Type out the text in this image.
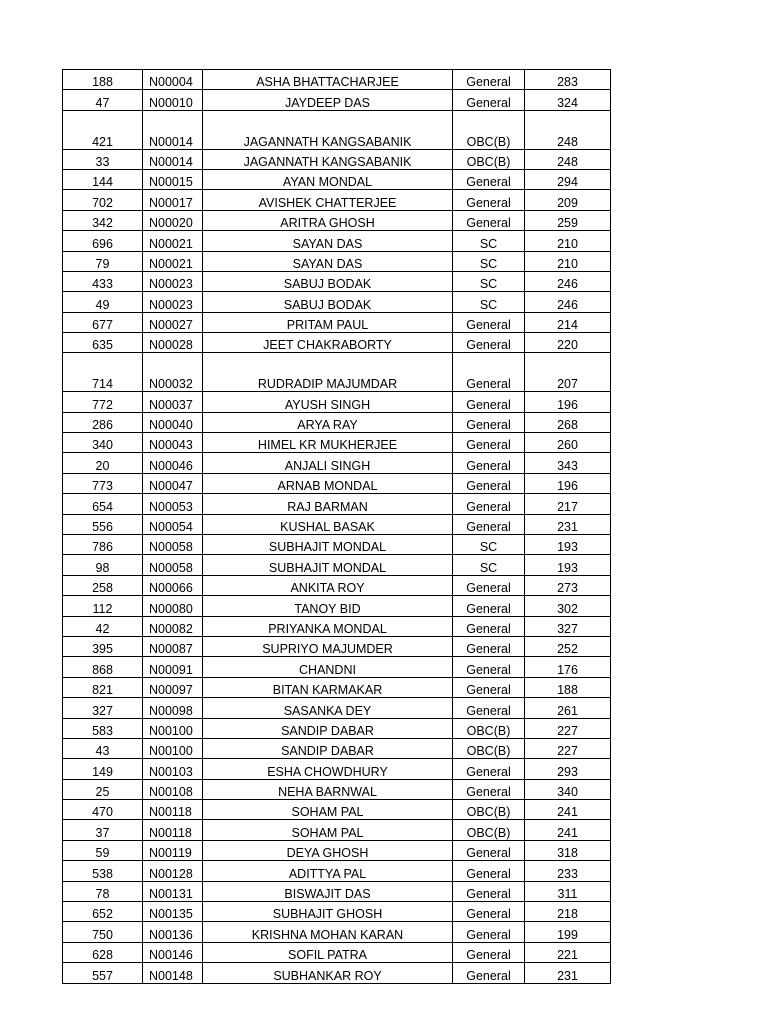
188	N00004	ASHA BHATTACHARJEE	General	283
47	N00010	JAYDEEP DAS	General	324
421	N00014	JAGANNATH KANGSABANIK	OBC(B)	248
33	N00014	JAGANNATH KANGSABANIK	OBC(B)	248
144	N00015	AYAN MONDAL	General	294
702	N00017	AVISHEK CHATTERJEE	General	209
342	N00020	ARITRA GHOSH	General	259
696	N00021	SAYAN DAS	SC	210
79	N00021	SAYAN DAS	SC	210
433	N00023	SABUJ BODAK	SC	246
49	N00023	SABUJ BODAK	SC	246
677	N00027	PRITAM PAUL	General	214
635	N00028	JEET CHAKRABORTY	General	220
714	N00032	RUDRADIP MAJUMDAR	General	207
772	N00037	AYUSH SINGH	General	196
286	N00040	ARYA RAY	General	268
340	N00043	HIMEL KR MUKHERJEE	General	260
20	N00046	ANJALI SINGH	General	343
773	N00047	ARNAB MONDAL	General	196
654	N00053	RAJ BARMAN	General	217
556	N00054	KUSHAL BASAK	General	231
786	N00058	SUBHAJIT MONDAL	SC	193
98	N00058	SUBHAJIT MONDAL	SC	193
258	N00066	ANKITA ROY	General	273
112	N00080	TANOY BID	General	302
42	N00082	PRIYANKA MONDAL	General	327
395	N00087	SUPRIYO MAJUMDER	General	252
868	N00091	CHANDNI	General	176
821	N00097	BITAN KARMAKAR	General	188
327	N00098	SASANKA DEY	General	261
583	N00100	SANDIP DABAR	OBC(B)	227
43	N00100	SANDIP DABAR	OBC(B)	227
149	N00103	ESHA CHOWDHURY	General	293
25	N00108	NEHA BARNWAL	General	340
470	N00118	SOHAM PAL	OBC(B)	241
37	N00118	SOHAM PAL	OBC(B)	241
59	N00119	DEYA GHOSH	General	318
538	N00128	ADITTYA PAL	General	233
78	N00131	BISWAJIT DAS	General	311
652	N00135	SUBHAJIT GHOSH	General	218
750	N00136	KRISHNA MOHAN KARAN	General	199
628	N00146	SOFIL PATRA	General	221
557	N00148	SUBHANKAR ROY	General	231
